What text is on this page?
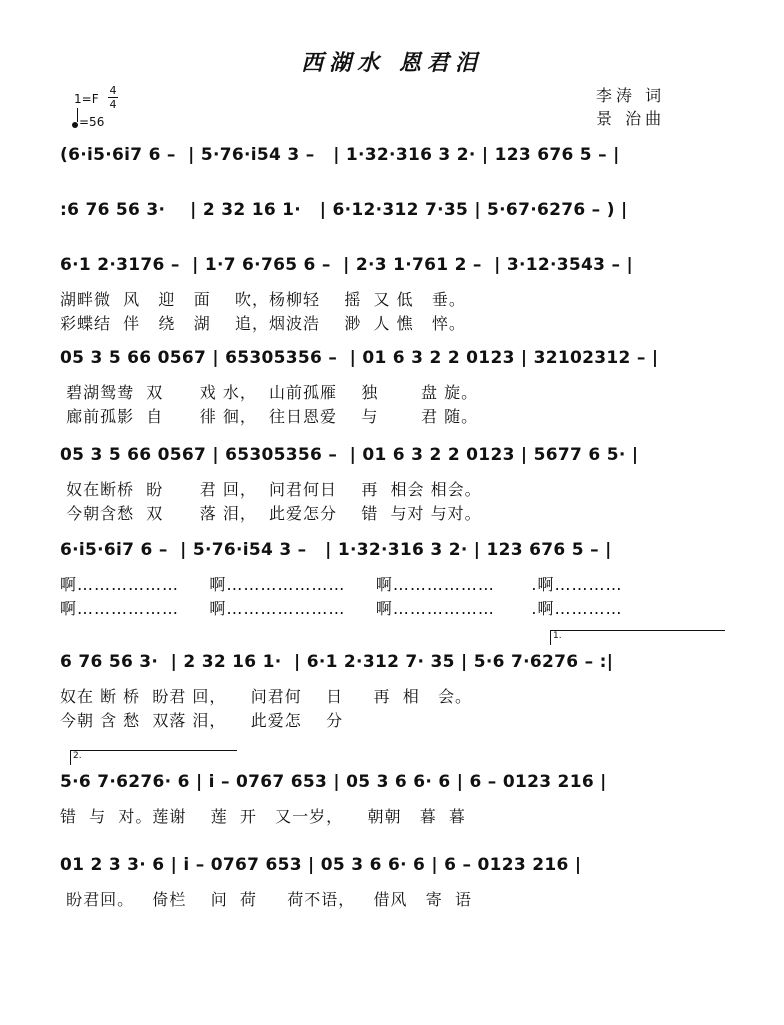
西湖水 恩君泪
1=F
4
4
=56
李涛 词
景 治曲
(6·i5·6i7 6 –  | 5·76·i54 3 –   | 1·32·316 3 2· | 123 676 5 – |
:6 76 56 3·    | 2 32 16 1·   | 6·12·312 7·35 | 5·67·6276 – ) |
6·1 2·3176 –  | 1·7 6·765 6 –  | 2·3 1·761 2 –  | 3·12·3543 – |
湖畔微  风   迎   面    吹，杨柳轻    摇  又 低   垂。
彩蝶结  伴   绕   湖    追，烟波浩    渺  人 憔   悴。
05 3 5 66 0567 | 65305356 –  | 01 6 3 2 2 0123 | 32102312 – |
碧湖鸳鸯  双      戏 水，  山前孤雁    独       盘 旋。
廊前孤影  自      徘 徊，  往日恩爱    与       君 随。
05 3 5 66 0567 | 65305356 –  | 01 6 3 2 2 0123 | 5677 6 5· |
奴在断桥  盼      君 回，  问君何日    再  相会 相会。
今朝含愁  双      落 泪，  此爱怎分    错  与对 与对。
6·i5·6i7 6 –  | 5·76·i54 3 –   | 1·32·316 3 2· | 123 676 5 – |
啊………………     啊…………………     啊………………      .啊…………
啊………………     啊…………………     啊………………      .啊…………
1.
6 76 56 3·  | 2 32 16 1·  | 6·1 2·312 7· 35 | 5·6 7·6276 – :|
奴在 断 桥  盼君 回，    问君何    日     再  相   会。
今朝 含 愁  双落 泪，    此爱怎    分
2.
5·6 7·6276· 6 | i – 0767 653 | 05 3 6 6· 6 | 6 – 0123 216 |
错  与  对。莲谢    莲  开   又一岁，    朝朝   暮  暮
01 2 3 3· 6 | i – 0767 653 | 05 3 6 6· 6 | 6 – 0123 216 |
盼君回。   倚栏    问  荷     荷不语，   借风   寄  语
